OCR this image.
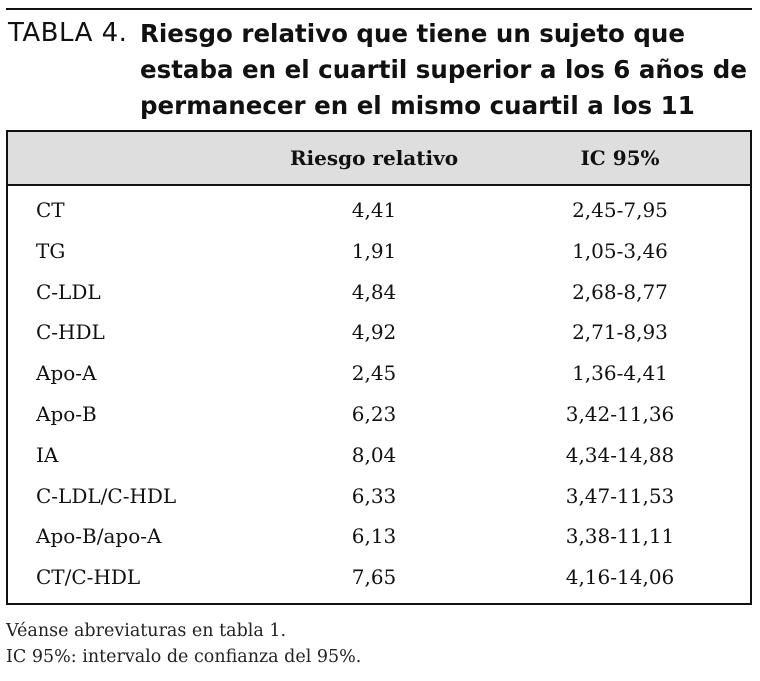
TABLA 4. Riesgo relativo que tiene un sujeto que estaba en el cuartil superior a los 6 años de permanecer en el mismo cuartil a los 11
Riesgo relativo	IC 95%
CT	4,41	2,45-7,95
TG	1,91	1,05-3,46
C-LDL	4,84	2,68-8,77
C-HDL	4,92	2,71-8,93
Apo-A	2,45	1,36-4,41
Apo-B	6,23	3,42-11,36
IA	8,04	4,34-14,88
C-LDL/C-HDL	6,33	3,47-11,53
Apo-B/apo-A	6,13	3,38-11,11
CT/C-HDL	7,65	4,16-14,06
Véanse abreviaturas en tabla 1.
IC 95%: intervalo de confianza del 95%.
